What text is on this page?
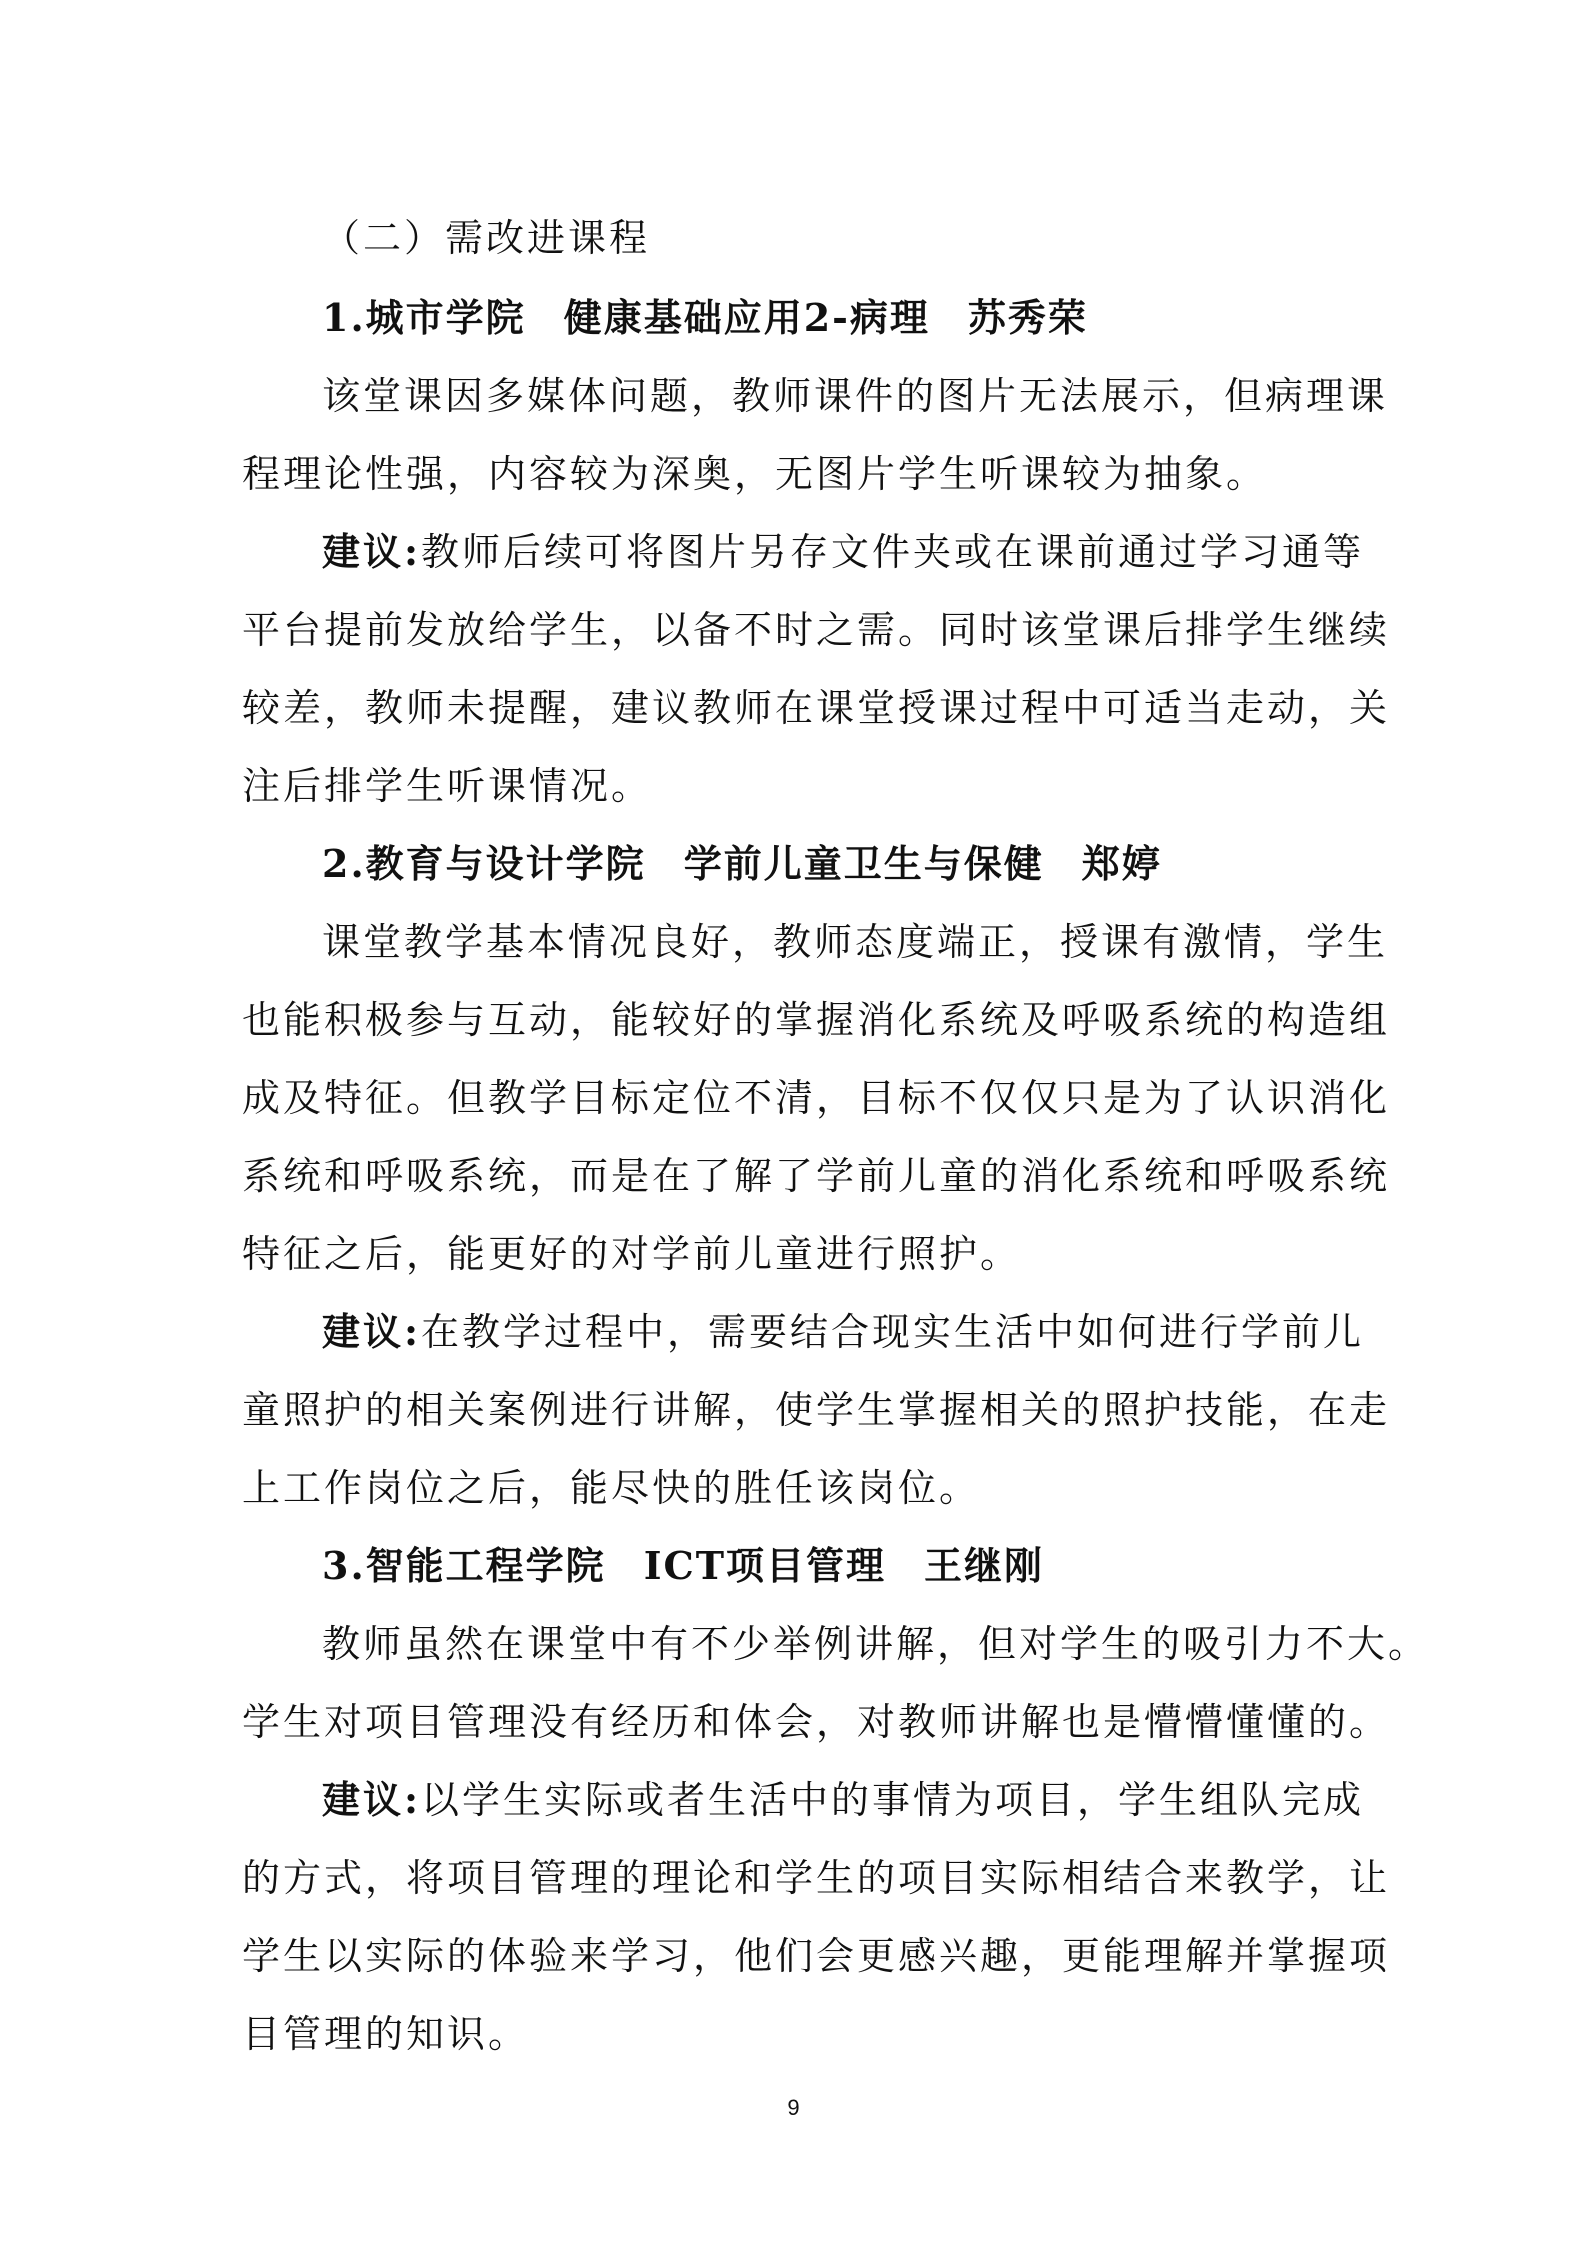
（二）需改进课程
1.城市学院 健康基础应用2-病理 苏秀荣
该堂课因多媒体问题，教师课件的图片无法展示，但病理课
程理论性强，内容较为深奥，无图片学生听课较为抽象。
建议:教师后续可将图片另存文件夹或在课前通过学习通等
平台提前发放给学生，以备不时之需。同时该堂课后排学生继续
较差，教师未提醒，建议教师在课堂授课过程中可适当走动，关
注后排学生听课情况。
2.教育与设计学院 学前儿童卫生与保健 郑婷
课堂教学基本情况良好，教师态度端正，授课有激情，学生
也能积极参与互动，能较好的掌握消化系统及呼吸系统的构造组
成及特征。但教学目标定位不清，目标不仅仅只是为了认识消化
系统和呼吸系统，而是在了解了学前儿童的消化系统和呼吸系统
特征之后，能更好的对学前儿童进行照护。
建议:在教学过程中，需要结合现实生活中如何进行学前儿
童照护的相关案例进行讲解，使学生掌握相关的照护技能，在走
上工作岗位之后，能尽快的胜任该岗位。
3.智能工程学院 ICT项目管理 王继刚
教师虽然在课堂中有不少举例讲解，但对学生的吸引力不大。
学生对项目管理没有经历和体会，对教师讲解也是懵懵懂懂的。
建议:以学生实际或者生活中的事情为项目，学生组队完成
的方式，将项目管理的理论和学生的项目实际相结合来教学，让
学生以实际的体验来学习，他们会更感兴趣，更能理解并掌握项
目管理的知识。
9
